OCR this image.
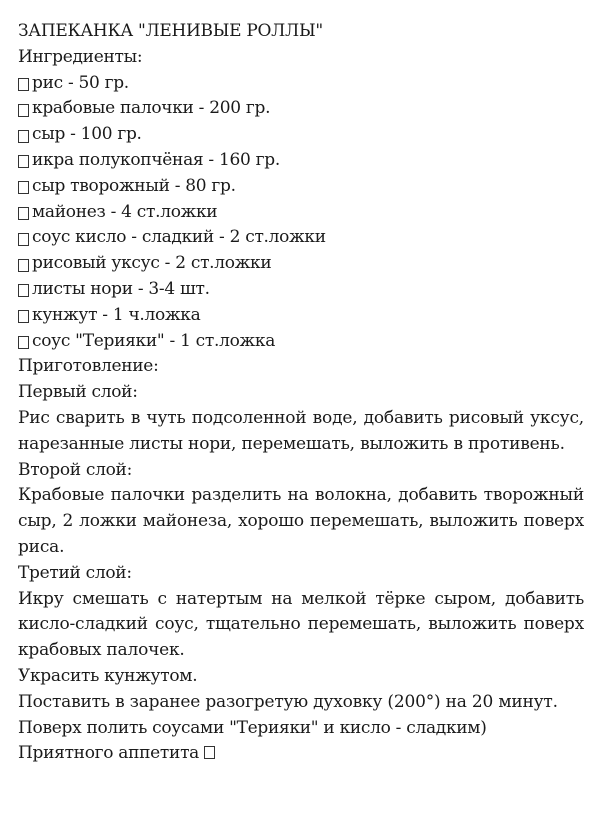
ЗАПЕКАНКА "ЛЕНИВЫЕ РОЛЛЫ"
Ингредиенты:
рис - 50 гр.
крабовые палочки - 200 гр.
сыр - 100 гр.
икра полукопчёная - 160 гр.
сыр творожный - 80 гр.
майонез - 4 ст.ложки
соус кисло - сладкий - 2 ст.ложки
рисовый уксус - 2 ст.ложки
листы нори - 3-4 шт.
кунжут - 1 ч.ложка
соус "Терияки" - 1 ст.ложка
Приготовление:
Первый слой:
Рис сварить в чуть подсоленной воде, добавить рисовый уксус, нарезанные листы нори, перемешать, выложить в противень.
Второй слой:
Крабовые палочки разделить на волокна, добавить творожный сыр, 2 ложки майонеза, хорошо перемешать, выложить поверх риса.
Третий слой:
Икру смешать с натертым на мелкой тёрке сыром, добавить кисло-сладкий соус, тщательно перемешать, выложить поверх крабовых палочек.
Украсить кунжутом.
Поставить в заранее разогретую духовку (200°) на 20 минут.
Поверх полить соусами "Терияки" и кисло - сладким)
Приятного аппетита
